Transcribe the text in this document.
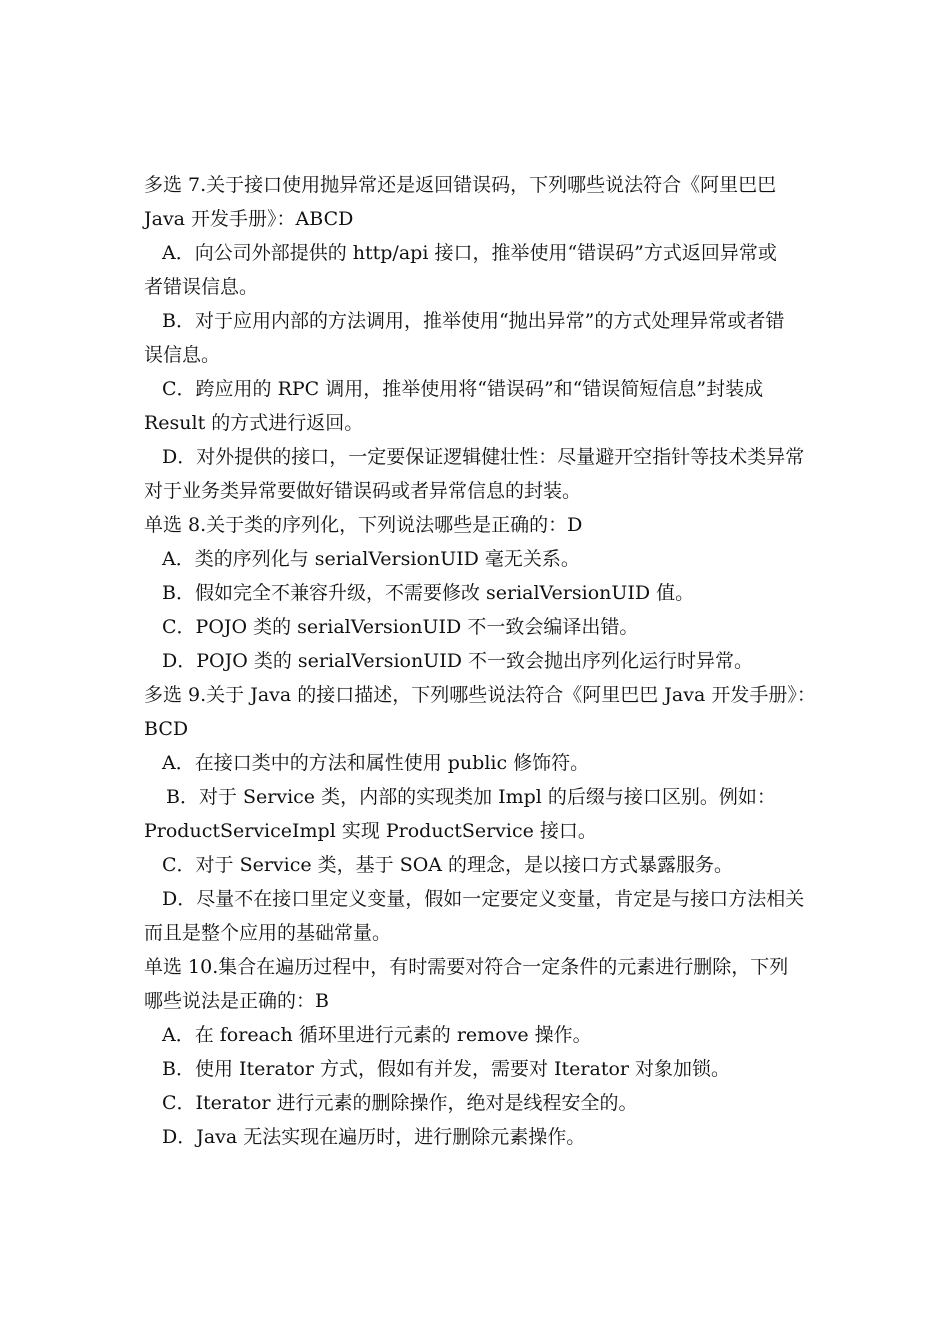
多选 7.关于接口使用抛异常还是返回错误码，下列哪些说法符合《阿里巴巴
Java 开发手册》：ABCD
A．向公司外部提供的 http/api 接口，推举使用“错误码”方式返回异常或
者错误信息。
B．对于应用内部的方法调用，推举使用“抛出异常”的方式处理异常或者错
误信息。
C．跨应用的 RPC 调用，推举使用将“错误码”和“错误简短信息”封装成
Result 的方式进行返回。
D．对外提供的接口，一定要保证逻辑健壮性：尽量避开空指针等技术类异常
对于业务类异常要做好错误码或者异常信息的封装。
单选 8.关于类的序列化，下列说法哪些是正确的：D
A．类的序列化与 serialVersionUID 毫无关系。
B．假如完全不兼容升级，不需要修改 serialVersionUID 值。
C．POJO 类的 serialVersionUID 不一致会编译出错。
D．POJO 类的 serialVersionUID 不一致会抛出序列化运行时异常。
多选 9.关于 Java 的接口描述，下列哪些说法符合《阿里巴巴 Java 开发手册》：
BCD
A．在接口类中的方法和属性使用 public 修饰符。
B．对于 Service 类，内部的实现类加 Impl 的后缀与接口区别。例如：
ProductServiceImpl 实现 ProductService 接口。
C．对于 Service 类，基于 SOA 的理念，是以接口方式暴露服务。
D．尽量不在接口里定义变量，假如一定要定义变量，肯定是与接口方法相关
而且是整个应用的基础常量。
单选 10.集合在遍历过程中，有时需要对符合一定条件的元素进行删除，下列
哪些说法是正确的：B
A．在 foreach 循环里进行元素的 remove 操作。
B．使用 Iterator 方式，假如有并发，需要对 Iterator 对象加锁。
C．Iterator 进行元素的删除操作，绝对是线程安全的。
D．Java 无法实现在遍历时，进行删除元素操作。
